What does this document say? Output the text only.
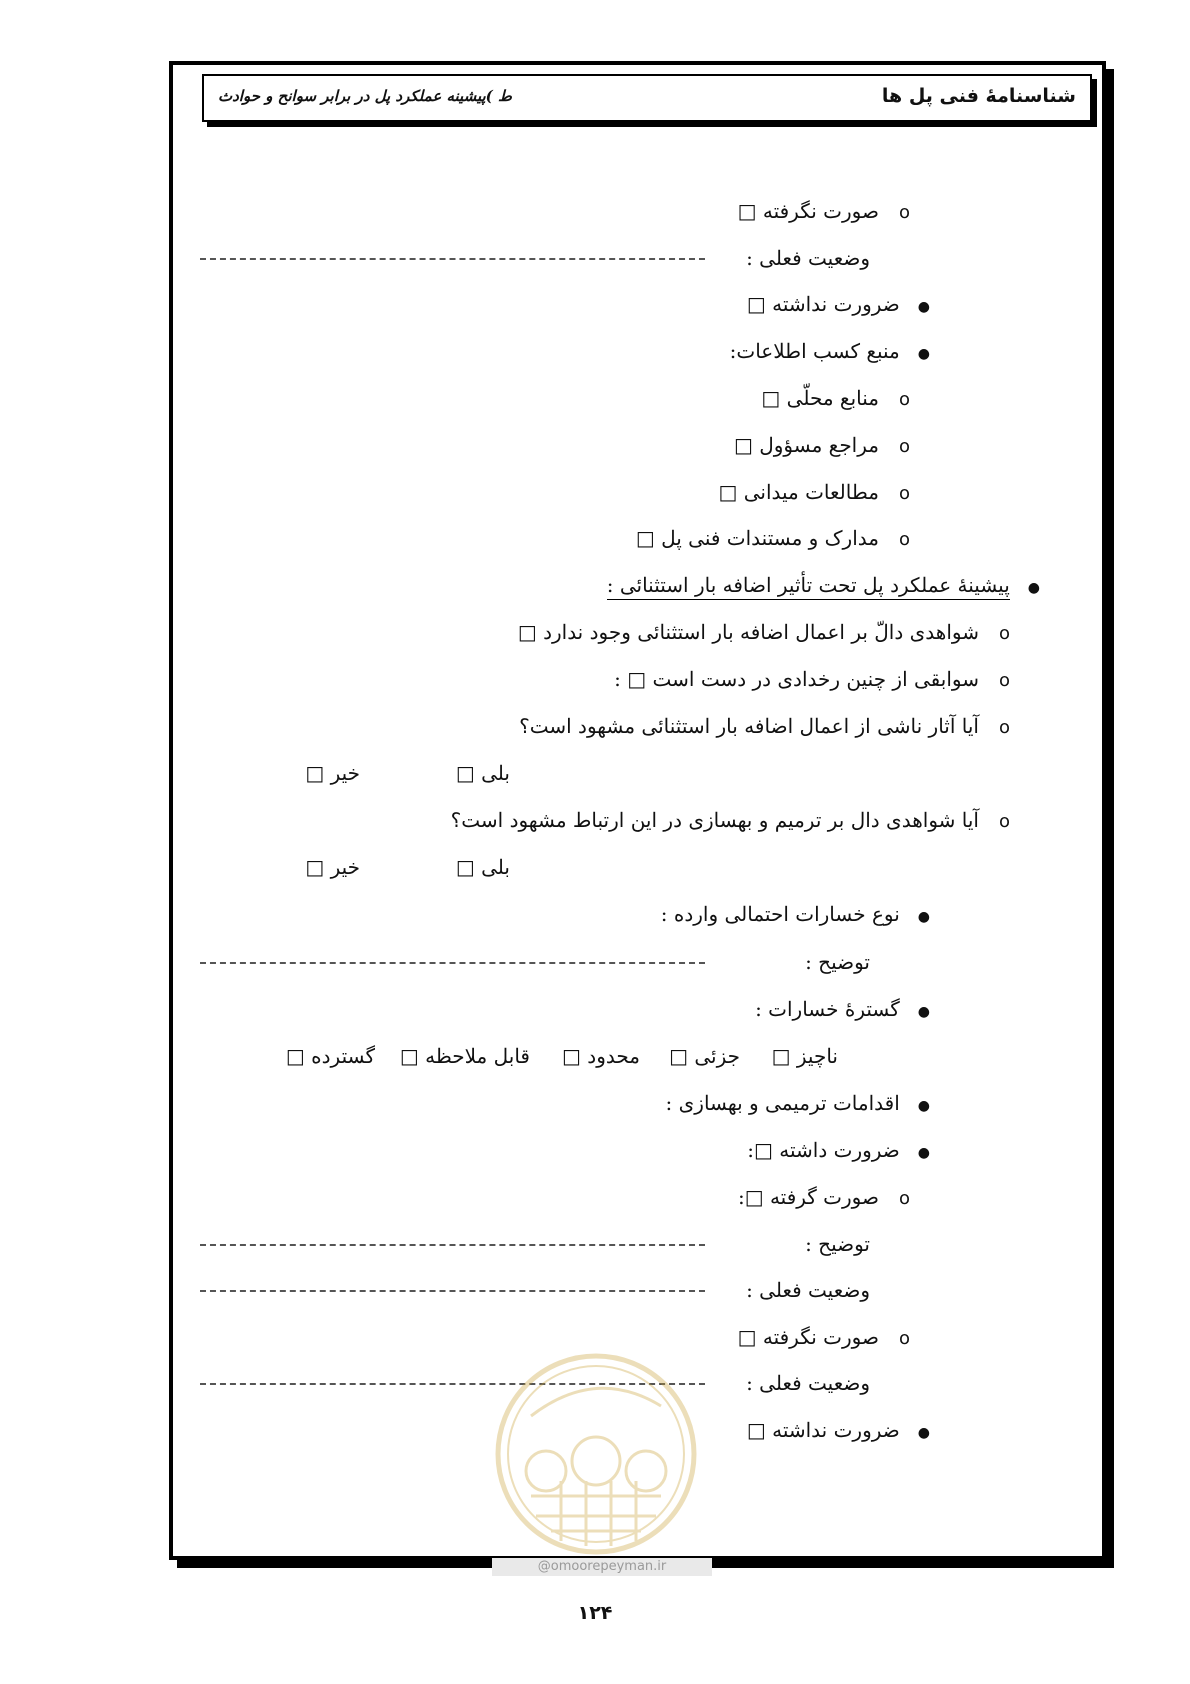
شناسنامهٔ فنی پل ها
ط )پیشینه عملکرد پل در برابر سوانح و حوادث
oصورت نگرفته □
وضعیت فعلی :
●ضرورت نداشته □
●منبع کسب اطلاعات:
oمنابع محلّی □
oمراجع مسؤول □
oمطالعات میدانی □
oمدارک و مستندات فنی پل □
●پیشینهٔ عملکرد پل تحت تأثیر اضافه بار استثنائی :
oشواهدی دالّ بر اعمال اضافه بار استثنائی وجود ندارد □
oسوابقی از چنین رخدادی در دست است □ :
oآیا آثار ناشی از اعمال اضافه بار استثنائی مشهود است؟
بلی □
خیر □
oآیا شواهدی دال بر ترمیم و بهسازی در این ارتباط مشهود است؟
بلی □
خیر □
●نوع خسارات احتمالی وارده :
توضیح :
●گسترهٔ خسارات :
ناچیز □
جزئی □
محدود □
قابل ملاحظه □
گسترده □
●اقدامات ترمیمی و بهسازی :
●ضرورت داشته □:
oصورت گرفته □:
توضیح :
وضعیت فعلی :
oصورت نگرفته □
وضعیت فعلی :
●ضرورت نداشته □
@omoorepeyman.ir
۱۲۴
